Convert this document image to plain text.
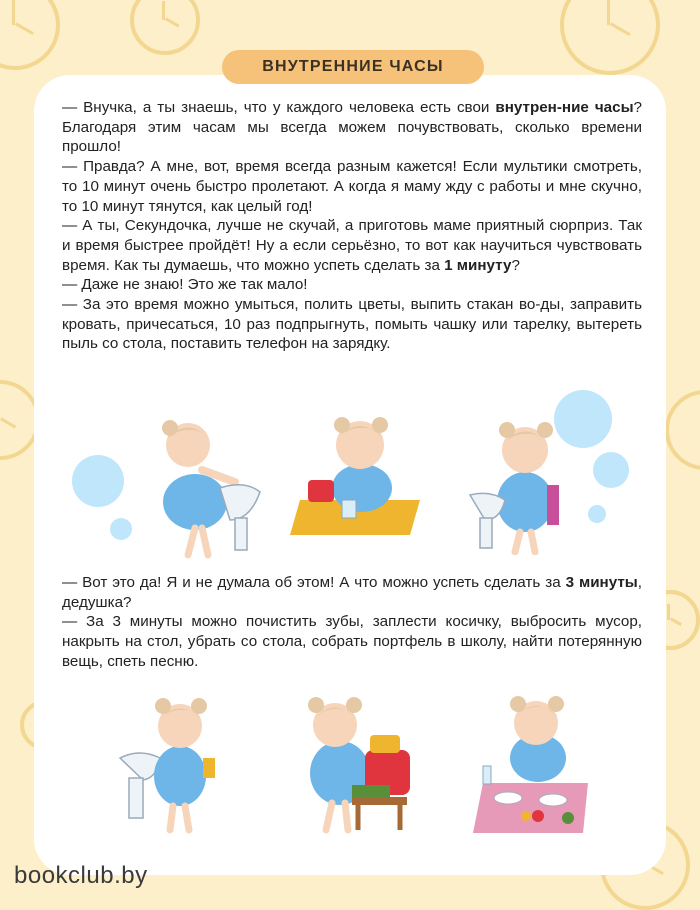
ВНУТРЕННИЕ ЧАСЫ

— Внучка, а ты знаешь, что у каждого человека есть свои внутрен-ние часы? Благодаря этим часам мы всегда можем почувствовать, сколько времени прошло!

— Правда? А мне, вот, время всегда разным кажется! Если мультики смотреть, то 10 минут очень быстро пролетают. А когда я маму жду с работы и мне скучно, то 10 минут тянутся, как целый год!

— А ты, Секундочка, лучше не скучай, а приготовь маме приятный сюрприз. Так и время быстрее пройдёт! Ну а если серьёзно, то вот как научиться чувствовать время. Как ты думаешь, что можно успеть сделать за 1 минуту?

— Даже не знаю! Это же так мало!

— За это время можно умыться, полить цветы, выпить стакан во-ды, заправить кровать, причесаться, 10 раз подпрыгнуть, помыть чашку или тарелку, вытереть пыль со стола, поставить телефон на зарядку.

— Вот это да! Я и не думала об этом! А что можно успеть сделать за 3 минуты, дедушка?

— За 3 минуты можно почистить зубы, заплести косичку, выбросить мусор, накрыть на стол, убрать со стола, собрать портфель в школу, найти потерянную вещь, спеть песню.

bookclub.by
